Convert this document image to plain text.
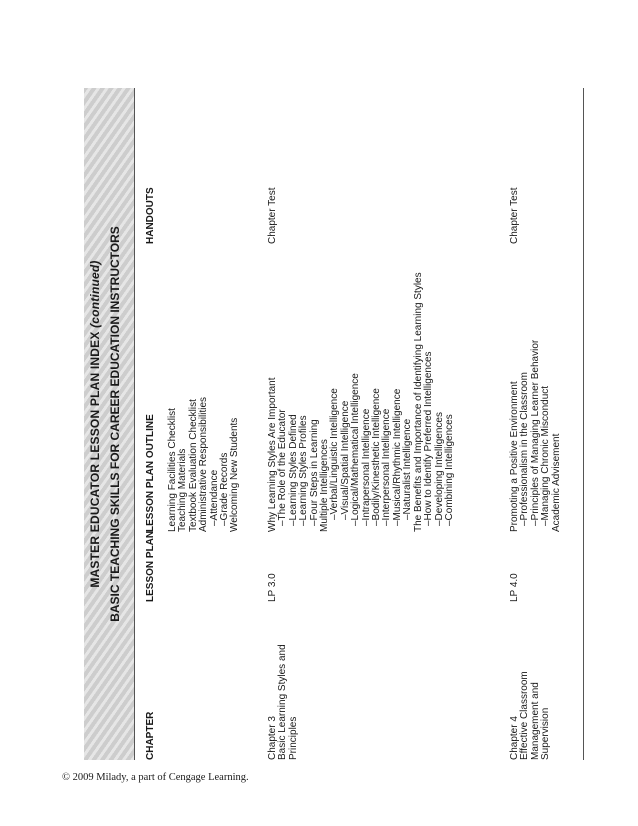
MASTER EDUCATOR LESSON PLAN INDEX (continued) BASIC TEACHING SKILLS FOR CAREER EDUCATION INSTRUCTORS
CHAPTER
LESSON PLAN
LESSON PLAN OUTLINE
HANDOUTS
Learning Facilities Checklist Teaching Materials Textbook Evaluation Checklist Administrative Responsibilities –Attendance –Grade Records Welcoming New Students
Chapter 3 Basic Learning Styles and Principles
LP 3.0
Why Learning Styles Are Important –The Role of the Educator –Learning Styles Defined –Learning Styles Profiles –Four Steps in Learning Multiple Intelligences –Verbal/Linguistic Intelligence –Visual/Spatial Intelligence –Logical/Mathematical Intelligence –Intrapersonal Intelligence –Bodily/Kinesthetic Intelligence –Interpersonal Intelligence –Musical/Rhythmic Intelligence –Naturalist Intelligence The Benefits and Importance of Identifying Learning Styles –How to Identify Preferred Intelligences –Developing Intelligences –Combining Intelligences
Chapter Test
Chapter 4 Effective Classroom Management and Supervision
LP 4.0
Promoting a Positive Environment –Professionalism in the Classroom –Principles of Managing Learner Behavior –Managing Chronic Misconduct Academic Advisement
Chapter Test
© 2009 Milady, a part of Cengage Learning.
